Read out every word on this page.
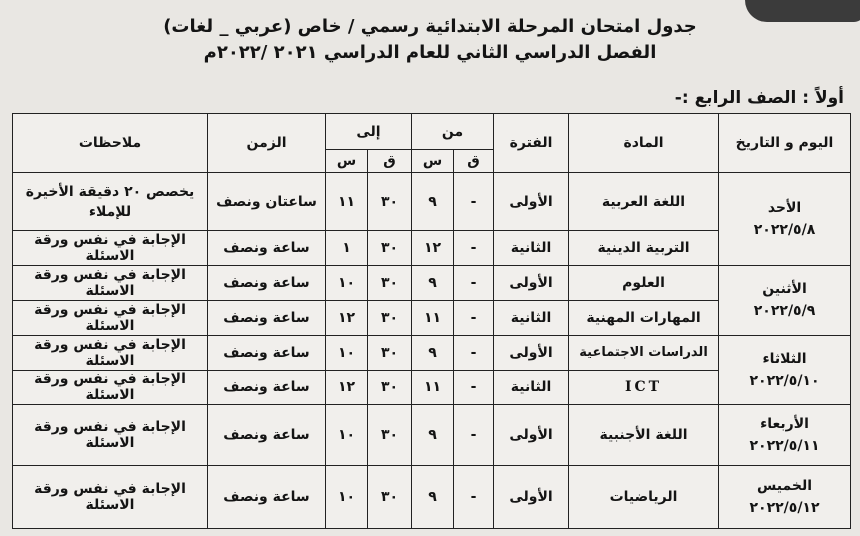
جدول امتحان المرحلة الابتدائية رسمي / خاص (عربي _ لغات)
الفصل الدراسي الثاني للعام الدراسي ٢٠٢١ /٢٠٢٢م
أولاً : الصف الرابع :-
اليوم و التاريخ	المادة	الفترة	من		إلى		الزمن	ملاحظات
			ق	س	ق	س		

الأحد
٢٠٢٢/٥/٨	اللغة العربية	الأولى	-	٩	٣٠	١١	ساعتان ونصف	يخصص ٢٠ دقيقة الأخيرة للإملاء
	التربية الدينية	الثانية	-	١٢	٣٠	١	ساعة ونصف	الإجابة في نفس ورقة الاسئلة

الأثنين
٢٠٢٢/٥/٩	العلوم	الأولى	-	٩	٣٠	١٠	ساعة ونصف	الإجابة في نفس ورقة الاسئلة
	المهارات المهنية	الثانية	-	١١	٣٠	١٢	ساعة ونصف	الإجابة في نفس ورقة الاسئلة

الثلاثاء
٢٠٢٢/٥/١٠	الدراسات الاجتماعية	الأولى	-	٩	٣٠	١٠	ساعة ونصف	الإجابة في نفس ورقة الاسئلة
	ICT	الثانية	-	١١	٣٠	١٢	ساعة ونصف	الإجابة في نفس ورقة الاسئلة

الأربعاء
٢٠٢٢/٥/١١	اللغة الأجنبية	الأولى	-	٩	٣٠	١٠	ساعة ونصف	الإجابة في نفس ورقة الاسئلة

الخميس
٢٠٢٢/٥/١٢	الرياضيات	الأولى	-	٩	٣٠	١٠	ساعة ونصف	الإجابة في نفس ورقة الاسئلة
